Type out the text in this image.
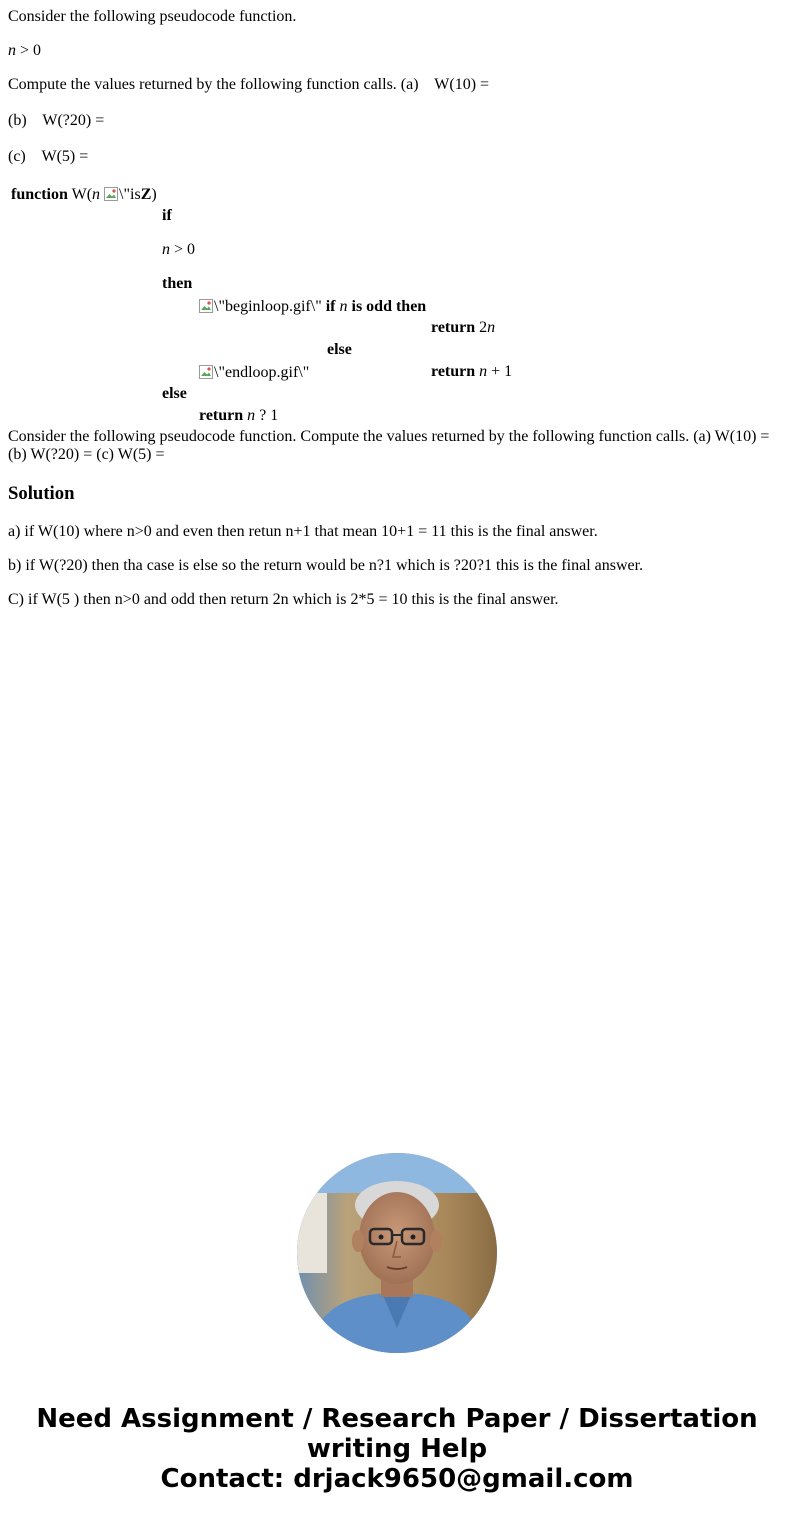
Consider the following pseudocode function.

n > 0

Compute the values returned by the following function calls. (a)    W(10) =

(b)    W(?20) =

(c)    W(5) =

function W(n \"isZ)
if
n > 0
then
\"beginloop.gif\" if n is odd then
return 2n
else
\"endloop.gif\"	return n + 1
else
return n ? 1
Consider the following pseudocode function. Compute the values returned by the following function calls. (a) W(10) = (b) W(?20) = (c) W(5) =
Solution

a) if W(10) where n>0 and even then retun n+1 that mean 10+1 = 11 this is the final answer.

b) if W(?20) then tha case is else so the return would be n?1 which is ?20?1 this is the final answer.

C) if W(5 ) then n>0 and odd then return 2n which is 2*5 = 10 this is the final answer.

Need Assignment / Research Paper / Dissertation
writing Help
Contact: drjack9650@gmail.com
